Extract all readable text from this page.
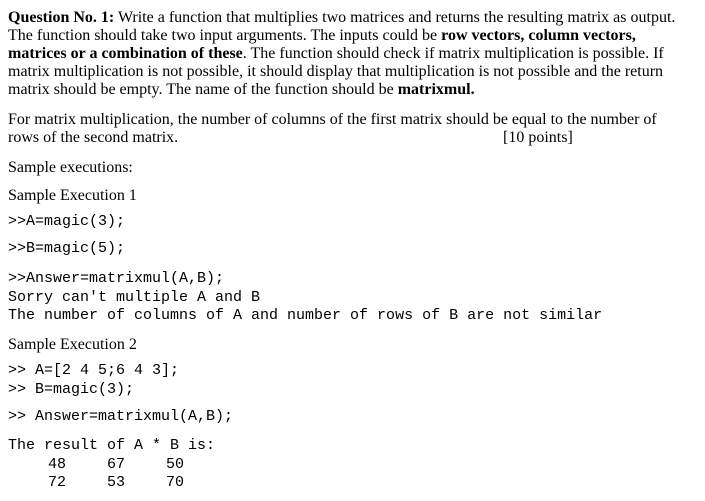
Question No. 1: Write a function that multiplies two matrices and returns the resulting matrix as output.
The function should take two input arguments. The inputs could be row vectors, column vectors,
matrices or a combination of these. The function should check if matrix multiplication is possible. If
matrix multiplication is not possible, it should display that multiplication is not possible and the return
matrix should be empty. The name of the function should be matrixmul.
For matrix multiplication, the number of columns of the first matrix should be equal to the number of
rows of the second matrix.	[10 points]
Sample executions:
Sample Execution 1
>>A=magic(3);
>>B=magic(5);
>>Answer=matrixmul(A,B);
Sorry can't multiple A and B
The number of columns of A and number of rows of B are not similar
Sample Execution 2
>> A=[2 4 5;6 4 3];
>> B=magic(3);
>> Answer=matrixmul(A,B);
The result of A * B is:
48	67	50
72	53	70
